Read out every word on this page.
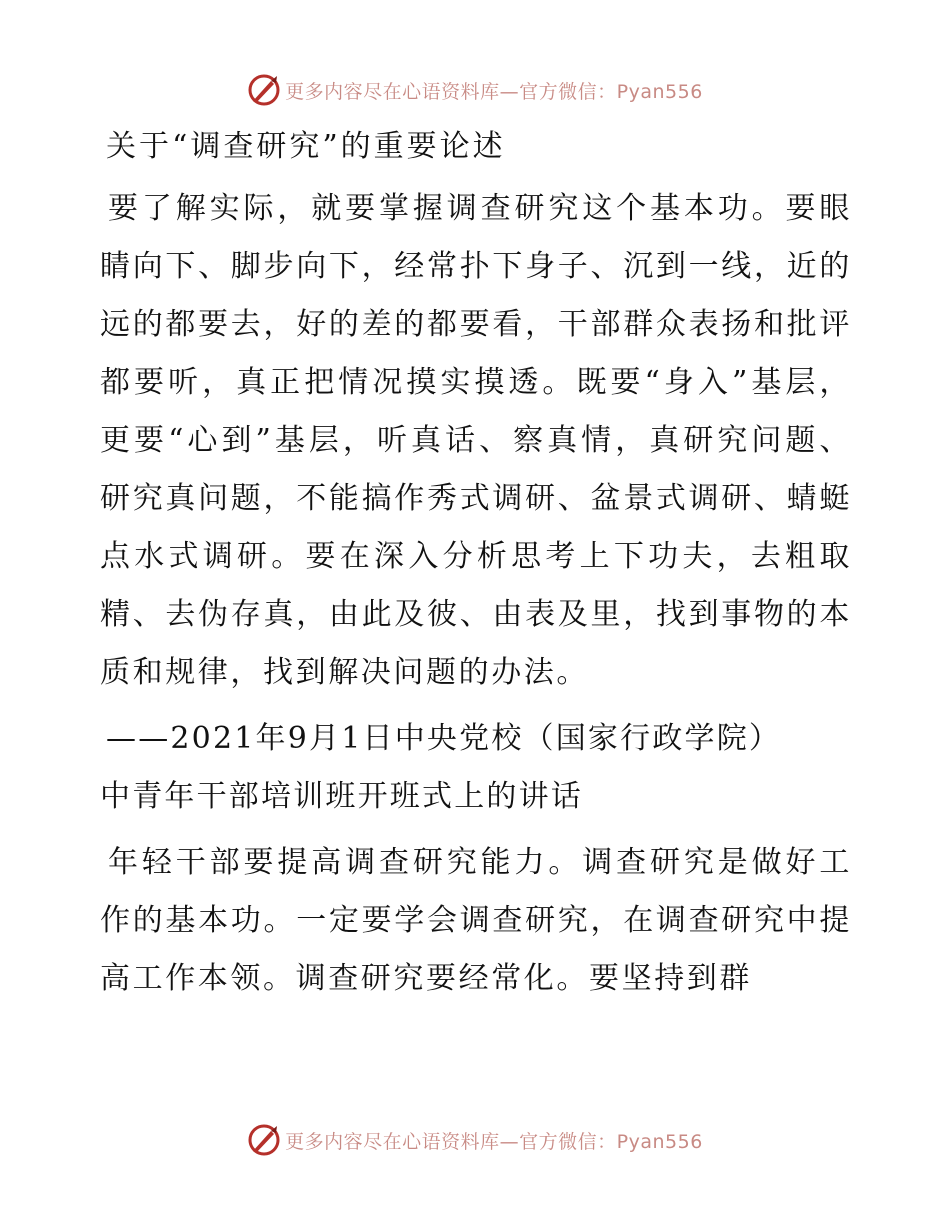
更多内容尽在心语资料库—官方微信：Pyan556
关于“调查研究”的重要论述

要了解实际，就要掌握调查研究这个基本功。要眼睛向下、脚步向下，经常扑下身子、沉到一线，近的远的都要去，好的差的都要看，干部群众表扬和批评都要听，真正把情况摸实摸透。既要“身入”基层，更要“心到”基层，听真话、察真情，真研究问题、研究真问题，不能搞作秀式调研、盆景式调研、蜻蜓点水式调研。要在深入分析思考上下功夫，去粗取精、去伪存真，由此及彼、由表及里，找到事物的本质和规律，找到解决问题的办法。

——2021年9月1日中央党校（国家行政学院）
中青年干部培训班开班式上的讲话

年轻干部要提高调查研究能力。调查研究是做好工作的基本功。一定要学会调查研究，在调查研究中提高工作本领。调查研究要经常化。要坚持到群

更多内容尽在心语资料库—官方微信：Pyan556
